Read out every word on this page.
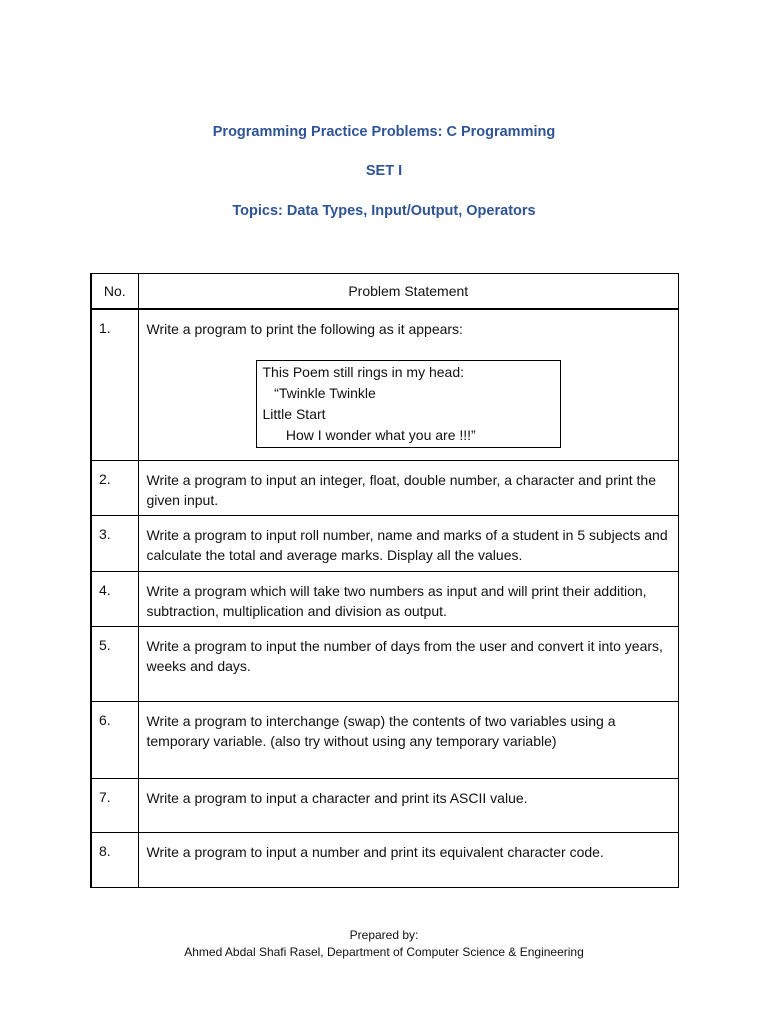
Programming Practice Problems: C Programming
SET I
Topics: Data Types, Input/Output, Operators
No.	Problem Statement
1.	Write a program to print the following as it appears:
This Poem still rings in my head:
“Twinkle Twinkle
Little Start
How I wonder what you are !!!”

2.	Write a program to input an integer, float, double number, a character and print the given input.
3.	Write a program to input roll number, name and marks of a student in 5 subjects and calculate the total and average marks. Display all the values.
4.	Write a program which will take two numbers as input and will print their addition, subtraction, multiplication and division as output.
5.	Write a program to input the number of days from the user and convert it into years, weeks and days.
6.	Write a program to interchange (swap) the contents of two variables using a temporary variable. (also try without using any temporary variable)
7.	Write a program to input a character and print its ASCII value.
8.	Write a program to input a number and print its equivalent character code.
Prepared by:
Ahmed Abdal Shafi Rasel, Department of Computer Science & Engineering
